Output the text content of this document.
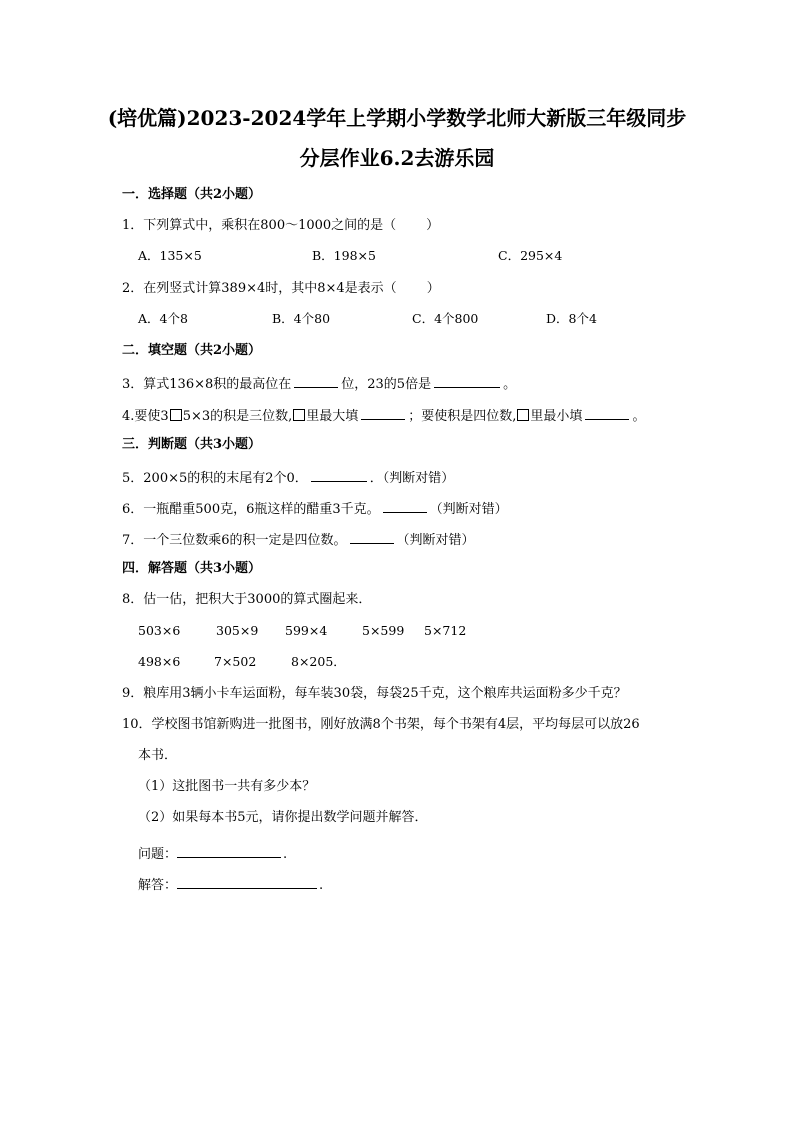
(培优篇)2023-2024学年上学期小学数学北师大新版三年级同步
分层作业6.2去游乐园
一．选择题（共2小题）
1．下列算式中，乘积在800～1000之间的是（ ）
A．135×5	B．198×5	C．295×4
2．在列竖式计算389×4时，其中8×4是表示（ ）
A．4个8	B．4个80	C．4个800	D．8个4
二．填空题（共2小题）
3．算式136×8积的最高位在	位，23的5倍是	。
4.要使3 5×3的积是三位数, 里最大填	；要使积是四位数, 里最小填	。
三．判断题（共3小题）
5．200×5的积的末尾有2个0．	．（判断对错）
6．一瓶醋重500克，6瓶这样的醋重3千克。	（判断对错）
7．一个三位数乘6的积一定是四位数。	（判断对错）
四．解答题（共3小题）
8．估一估，把积大于3000的算式圈起来．
503×6	305×9 599×4	5×599 5×712
498×6	7×502	8×205．
9．粮库用3辆小卡车运面粉，每车装30袋，每袋25千克，这个粮库共运面粉多少千克？
10．学校图书馆新购进一批图书，刚好放满8个书架，每个书架有4层，平均每层可以放26
本书．
（1）这批图书一共有多少本？
（2）如果每本书5元，请你提出数学问题并解答．
问题：	.
解答：	.
